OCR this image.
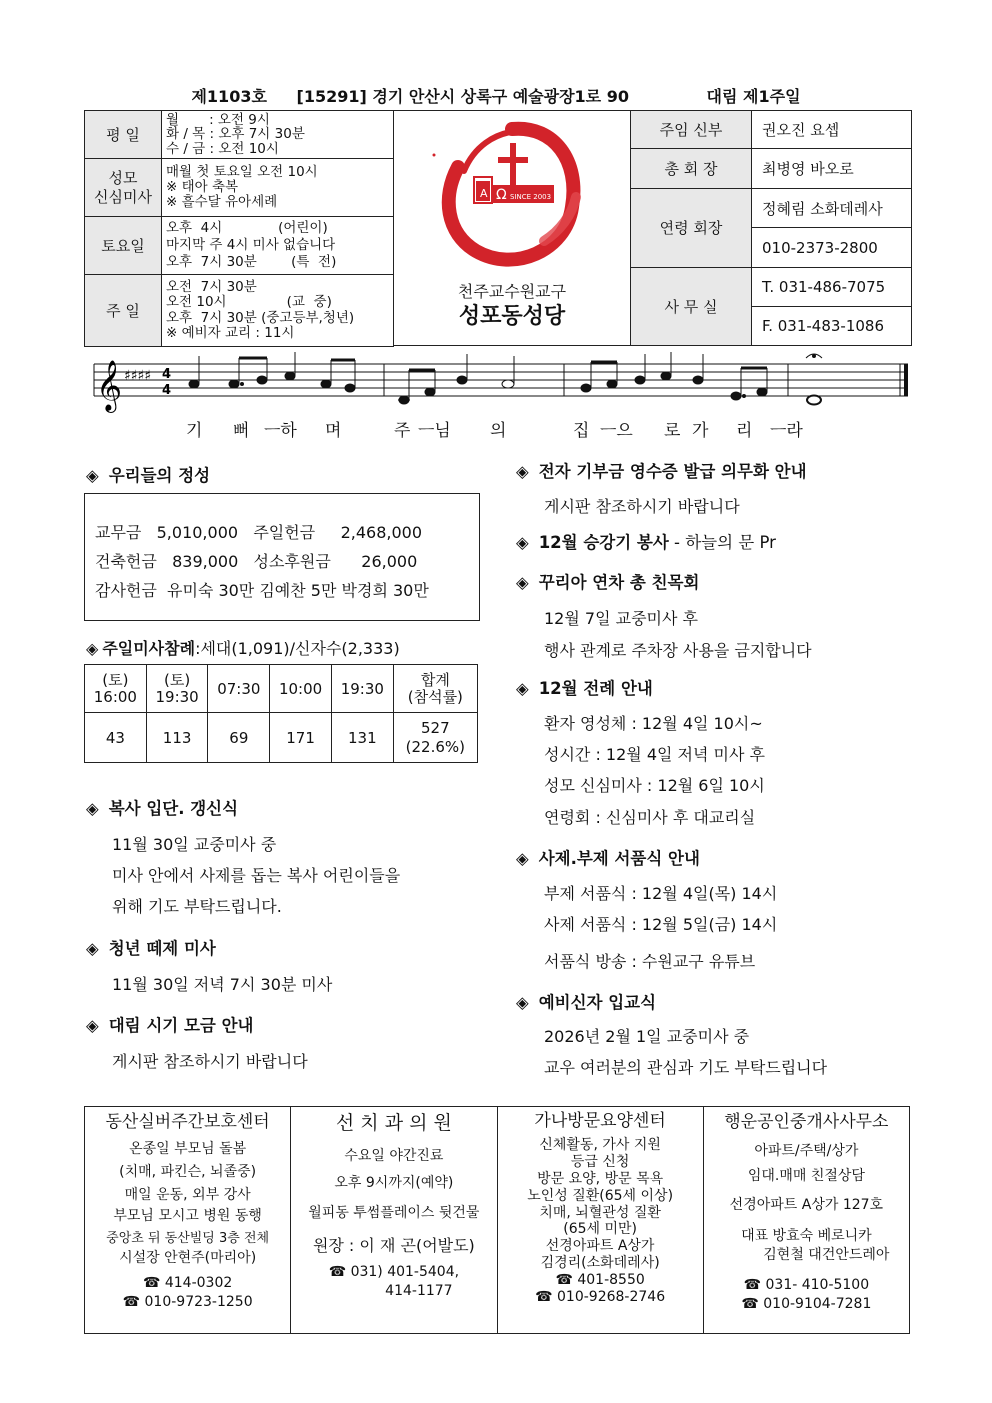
제1103호 [15291] 경기 안산시 상록구 예술광장1로 90	대림 제1주일
평 일	월       : 오전 9시
화 / 목 : 오후 7시 30분
수 / 금 : 오전 10시
성모
신심미사	매월 첫 토요일 오전 10시
※ 태아 축복
※ 흘수달 유아세례
토요일	오후  4시             (어린이)
마지막 주 4시 미사 없습니다
오후  7시 30분        (특  전)
주 일	오전  7시 30분
오전 10시              (교  중)
오후  7시 30분 (중고등부,청년)
※ 예비자 교리 : 11시
A Ω SINCE 2003
천주교수원교구
성포동성당
주임 신부	권오진 요셉
총 회 장	최병영 바오로
연령 회장	정혜림 소화데레사
	010-2373-2800
사 무 실	T. 031-486-7075
	F. 031-483-1086
𝄞 ♯♯♯♯ 4
4
기 뻐 ㅡ하 며	주 ㅡ님 의	집 ㅡ으 로 가 리 ㅡ라
◈ 우리들의 정성
교무금   5,010,000   주일헌금     2,468,000
건축헌금   839,000   성소후원금      26,000
감사헌금  유미숙 30만 김예찬 5만 박경희 30만
◈ 주일미사참례:세대(1,091)/신자수(2,333)
(토)
16:00	(토)
19:30	07:30	10:00	19:30	합계
(참석률)
43	113	69	171	131	527
(22.6%)
◈ 복사 입단. 갱신식
11월 30일 교중미사 중
미사 안에서 사제를 돕는 복사 어린이들을
위해 기도 부탁드립니다.
◈ 청년 떼제 미사
11월 30일 저녁 7시 30분 미사
◈ 대림 시기 모금 안내
게시판 참조하시기 바랍니다
◈ 전자 기부금 영수증 발급 의무화 안내
게시판 참조하시기 바랍니다
◈ 12월 승강기 봉사 - 하늘의 문 Pr
◈ 꾸리아 연차 총 친목회
12월 7일 교중미사 후
행사 관계로 주차장 사용을 금지합니다
◈ 12월 전례 안내
환자 영성체 : 12월 4일 10시~
성시간 : 12월 4일 저녁 미사 후
성모 신심미사 : 12월 6일 10시
연령회 : 신심미사 후 대교리실
◈ 사제.부제 서품식 안내
부제 서품식 : 12월 4일(목) 14시
사제 서품식 : 12월 5일(금) 14시
서품식 방송 : 수원교구 유튜브
◈ 예비신자 입교식
2026년 2월 1일 교중미사 중
교우 여러분의 관심과 기도 부탁드립니다
동산실버주간보호센터
온종일 부모님 돌봄
(치매, 파킨슨, 뇌졸중)
매일 운동, 외부 강사
부모님 모시고 병원 동행
중앙초 뒤 동산빌딩 3층 전체
시설장 안현주(마리아)
☎ 414-0302
☎ 010-9723-1250
선 치 과 의 원
수요일 야간진료
오후 9시까지(예약)
월피동 투썸플레이스 뒷건물
원장 : 이 재 곤(어발도)
☎ 031) 401-5404,
414-1177
가나방문요양센터
신체활동, 가사 지원
등급 신청
방문 요양, 방문 목욕
노인성 질환(65세 이상)
치매, 뇌혈관성 질환
(65세 미만)
선경아파트 A상가
김경리(소화데레사)
☎ 401-8550
☎ 010-9268-2746
행운공인중개사사무소
아파트/주택/상가
임대.매매 친절상담
선경아파트 A상가 127호
대표 방효숙 베로니카
김현철 대건안드레아
☎ 031- 410-5100
☎ 010-9104-7281
